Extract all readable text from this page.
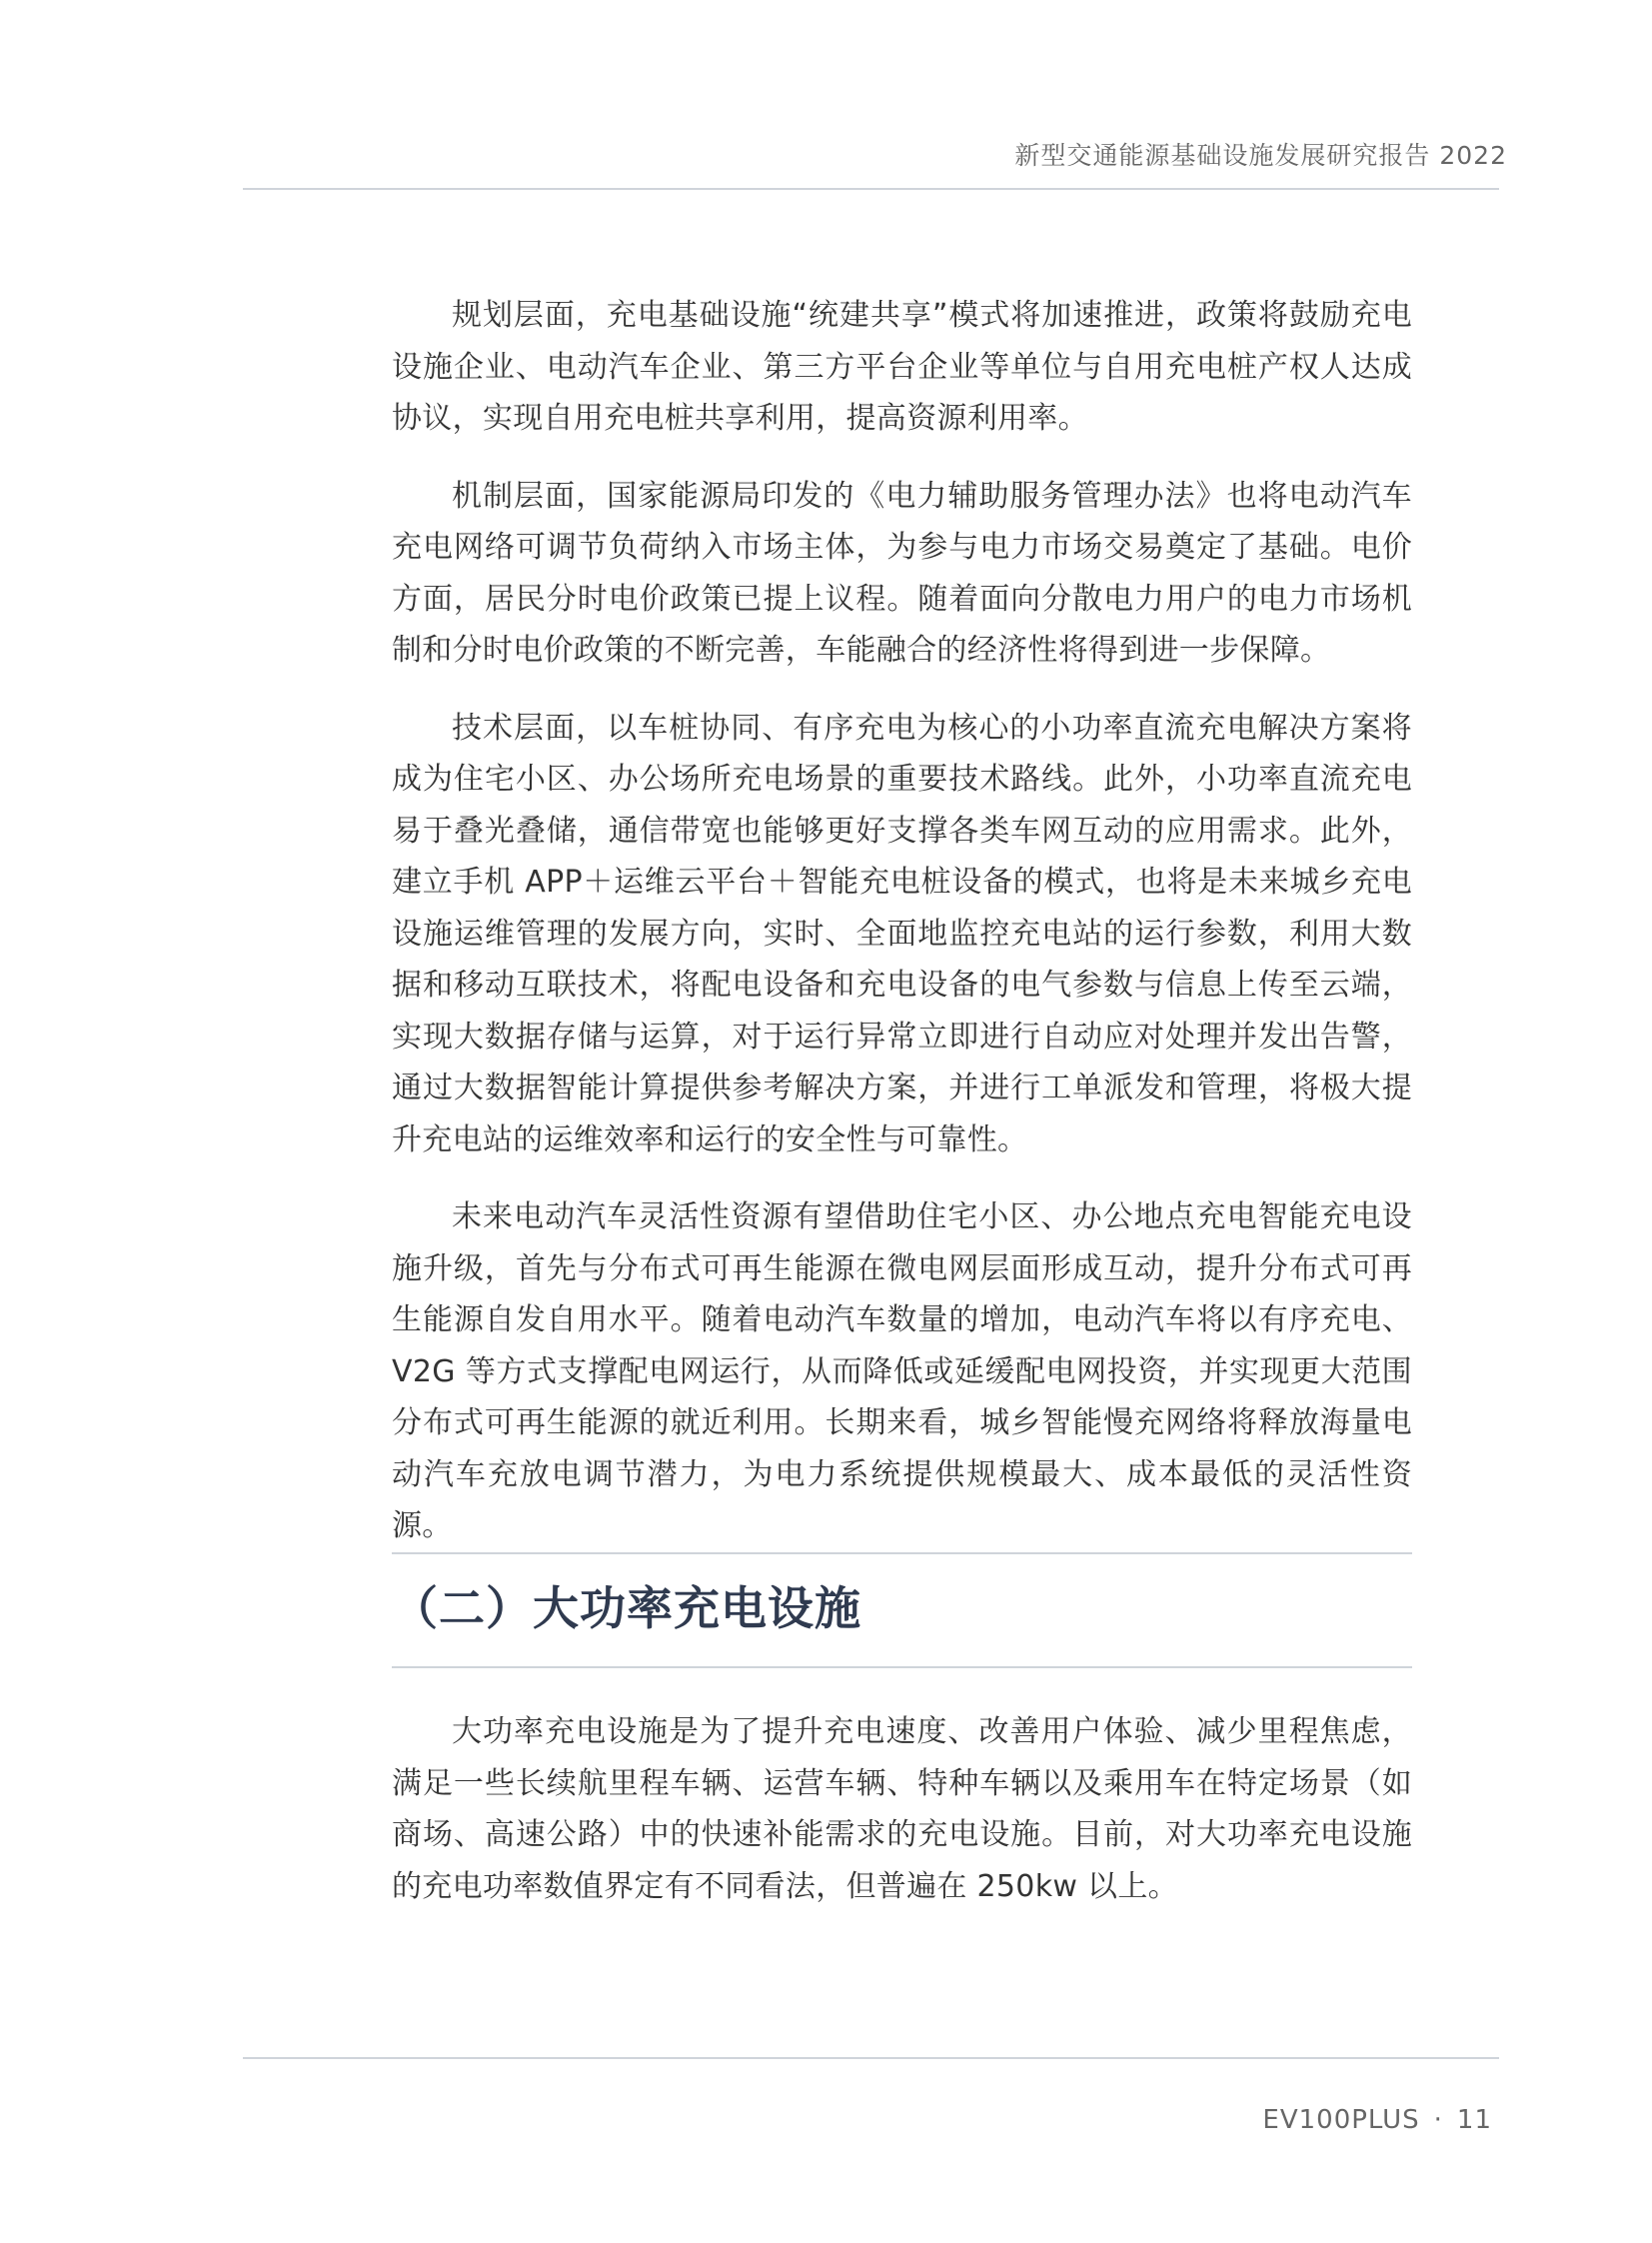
新型交通能源基础设施发展研究报告 2022

规划层面，充电基础设施“统建共享”模式将加速推进，政策将鼓励充电设施企业、电动汽车企业、第三方平台企业等单位与自用充电桩产权人达成协议，实现自用充电桩共享利用，提高资源利用率。

机制层面，国家能源局印发的《电力辅助服务管理办法》也将电动汽车充电网络可调节负荷纳入市场主体，为参与电力市场交易奠定了基础。电价方面，居民分时电价政策已提上议程。随着面向分散电力用户的电力市场机制和分时电价政策的不断完善，车能融合的经济性将得到进一步保障。

技术层面，以车桩协同、有序充电为核心的小功率直流充电解决方案将成为住宅小区、办公场所充电场景的重要技术路线。此外，小功率直流充电易于叠光叠储，通信带宽也能够更好支撑各类车网互动的应用需求。此外，建立手机 APP＋运维云平台＋智能充电桩设备的模式，也将是未来城乡充电设施运维管理的发展方向，实时、全面地监控充电站的运行参数，利用大数据和移动互联技术，将配电设备和充电设备的电气参数与信息上传至云端，实现大数据存储与运算，对于运行异常立即进行自动应对处理并发出告警，通过大数据智能计算提供参考解决方案，并进行工单派发和管理，将极大提升充电站的运维效率和运行的安全性与可靠性。

未来电动汽车灵活性资源有望借助住宅小区、办公地点充电智能充电设施升级，首先与分布式可再生能源在微电网层面形成互动，提升分布式可再生能源自发自用水平。随着电动汽车数量的增加，电动汽车将以有序充电、V2G 等方式支撑配电网运行，从而降低或延缓配电网投资，并实现更大范围分布式可再生能源的就近利用。长期来看，城乡智能慢充网络将释放海量电动汽车充放电调节潜力，为电力系统提供规模最大、成本最低的灵活性资源。

（二）大功率充电设施

大功率充电设施是为了提升充电速度、改善用户体验、减少里程焦虑，满足一些长续航里程车辆、运营车辆、特种车辆以及乘用车在特定场景（如商场、高速公路）中的快速补能需求的充电设施。目前，对大功率充电设施的充电功率数值界定有不同看法，但普遍在 250kw 以上。

EV100PLUS · 11
